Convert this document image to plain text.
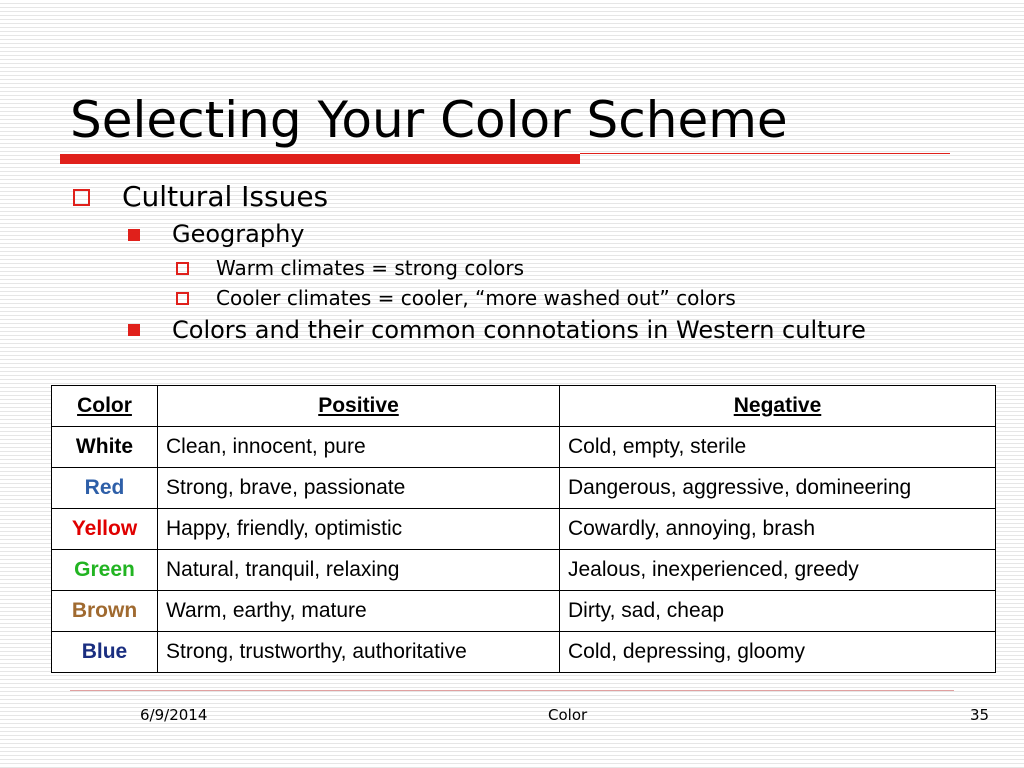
Selecting Your Color Scheme
Cultural Issues
Geography
Warm climates = strong colors
Cooler climates = cooler, “more washed out” colors
Colors and their common connotations in Western culture
Color	Positive	Negative
White	Clean, innocent, pure	Cold, empty, sterile
Red	Strong, brave, passionate	Dangerous, aggressive, domineering
Yellow	Happy, friendly, optimistic	Cowardly, annoying, brash
Green	Natural, tranquil, relaxing	Jealous, inexperienced, greedy
Brown	Warm, earthy, mature	Dirty, sad, cheap
Blue	Strong, trustworthy, authoritative	Cold, depressing, gloomy
6/9/2014	Color	35
